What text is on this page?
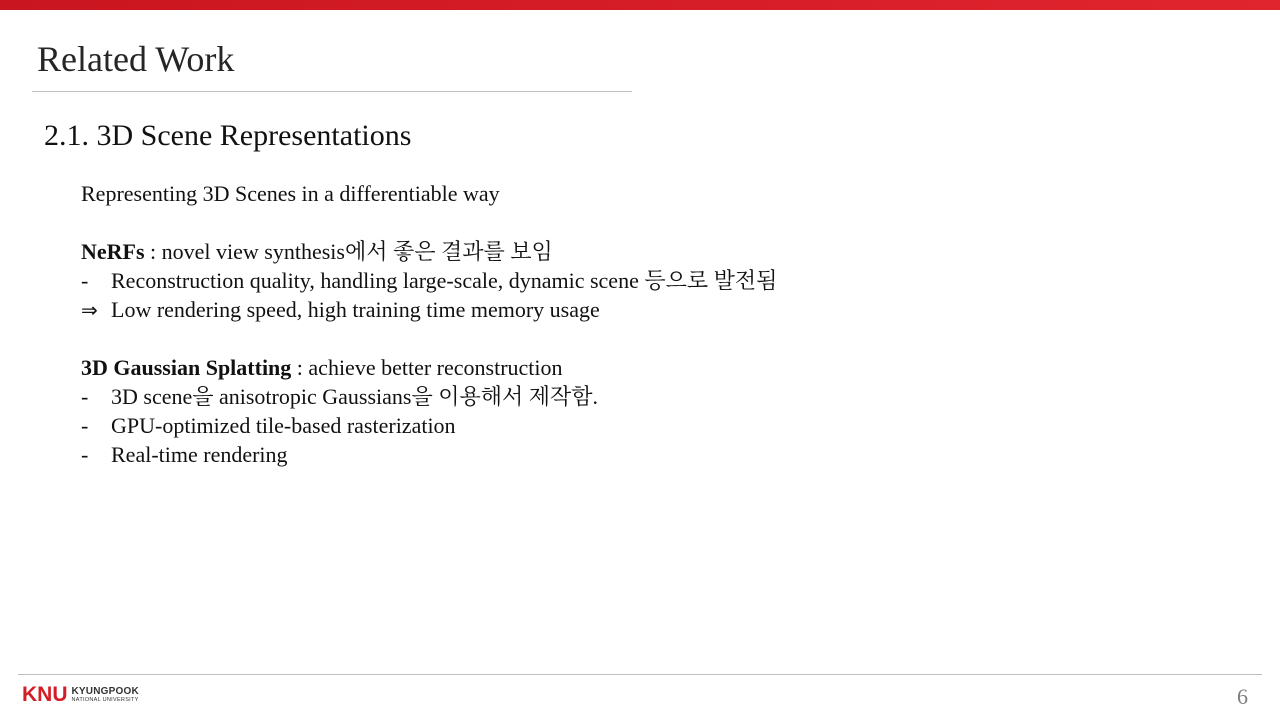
Related Work
2.1. 3D Scene Representations
Representing 3D Scenes in a differentiable way
NeRFs : novel view synthesis에서 좋은 결과를 보임
- Reconstruction quality, handling large-scale, dynamic scene 등으로 발전됨
⇒ Low rendering speed, high training time memory usage
3D Gaussian Splatting : achieve better reconstruction
- 3D scene을 anisotropic Gaussians을 이용해서 제작함.
- GPU-optimized tile-based rasterization
- Real-time rendering
KNU KYUNGPOOK
NATIONAL UNIVERSITY	6
